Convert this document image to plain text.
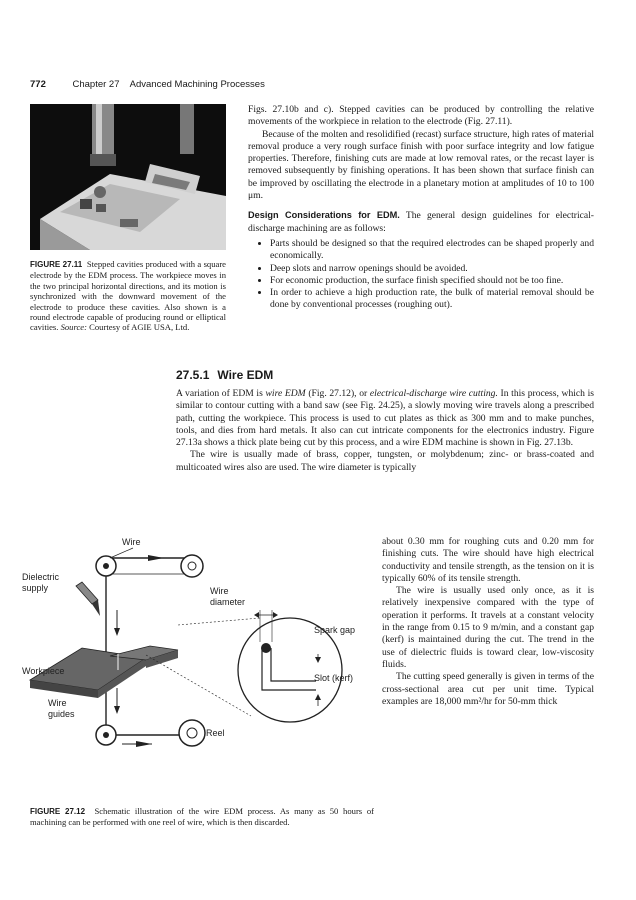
772	Chapter 27 Advanced Machining Processes

FIGURE 27.11 Stepped cavities produced with a square electrode by the EDM process. The workpiece moves in the two principal horizontal directions, and its motion is synchronized with the downward movement of the electrode to produce these cavities. Also shown is a round electrode capable of producing round or elliptical cavities. Source: Courtesy of AGIE USA, Ltd.

Figs. 27.10b and c). Stepped cavities can be produced by controlling the relative movements of the workpiece in relation to the electrode (Fig. 27.11).

Because of the molten and resolidified (recast) surface structure, high rates of material removal produce a very rough surface finish with poor surface integrity and low fatigue properties. Therefore, finishing cuts are made at low removal rates, or the recast layer is removed subsequently by finishing operations. It has been shown that surface finish can be improved by oscillating the electrode in a planetary motion at amplitudes of 10 to 100 μm.

Design Considerations for EDM. The general design guidelines for electrical-discharge machining are as follows:

• Parts should be designed so that the required electrodes can be shaped properly and economically.
• Deep slots and narrow openings should be avoided.
• For economic production, the surface finish specified should not be too fine.
• In order to achieve a high production rate, the bulk of material removal should be done by conventional processes (roughing out).
27.5.1 Wire EDM

A variation of EDM is wire EDM (Fig. 27.12), or electrical-discharge wire cutting. In this process, which is similar to contour cutting with a band saw (see Fig. 24.25), a slowly moving wire travels along a prescribed path, cutting the workpiece. This process is used to cut plates as thick as 300 mm and to make punches, tools, and dies from hard metals. It also can cut intricate components for the electronics industry. Figure 27.13a shows a thick plate being cut by this process, and a wire EDM machine is shown in Fig. 27.13b.

The wire is usually made of brass, copper, tungsten, or molybdenum; zinc- or brass-coated and multicoated wires also are used. The wire diameter is typically

about 0.30 mm for roughing cuts and 0.20 mm for finishing cuts. The wire should have high electrical conductivity and tensile strength, as the tension on it is typically 60% of its tensile strength.

The wire is usually used only once, as it is relatively inexpensive compared with the type of operation it performs. It travels at a constant velocity in the range from 0.15 to 9 m/min, and a constant gap (kerf) is maintained during the cut. The trend in the use of dielectric fluids is toward clear, low-viscosity fluids.

The cutting speed generally is given in terms of the cross-sectional area cut per unit time. Typical examples are 18,000 mm²/hr for 50-mm thick

Wire
Dielectric
supply	Wire
diameter
Spark gap
Workpiece
Slot (kerf)
Wire
guides
Reel

FIGURE 27.12 Schematic illustration of the wire EDM process. As many as 50 hours of machining can be performed with one reel of wire, which is then discarded.
